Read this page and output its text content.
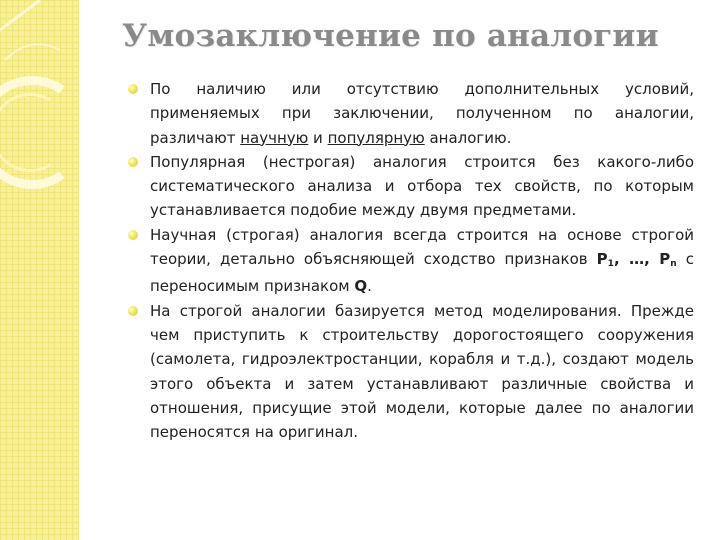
Умозаключение по аналогии
По наличию или отсутствию дополнительных условий, применяемых при заключении, полученном по аналогии, различают научную и популярную аналогию.
Популярная (нестрогая) аналогия строится без какого-либо систематического анализа и отбора тех свойств, по которым устанавливается подобие между двумя предметами.
Научная (строгая) аналогия всегда строится на основе строгой теории, детально объясняющей сходство признаков P1, …, Pn с переносимым признаком Q.
На строгой аналогии базируется метод моделирования. Прежде чем приступить к строительству дорогостоящего сооружения (самолета, гидроэлектростанции, корабля и т.д.), создают модель этого объекта и затем устанавливают различные свойства и отношения, присущие этой модели, которые далее по аналогии переносятся на оригинал.
